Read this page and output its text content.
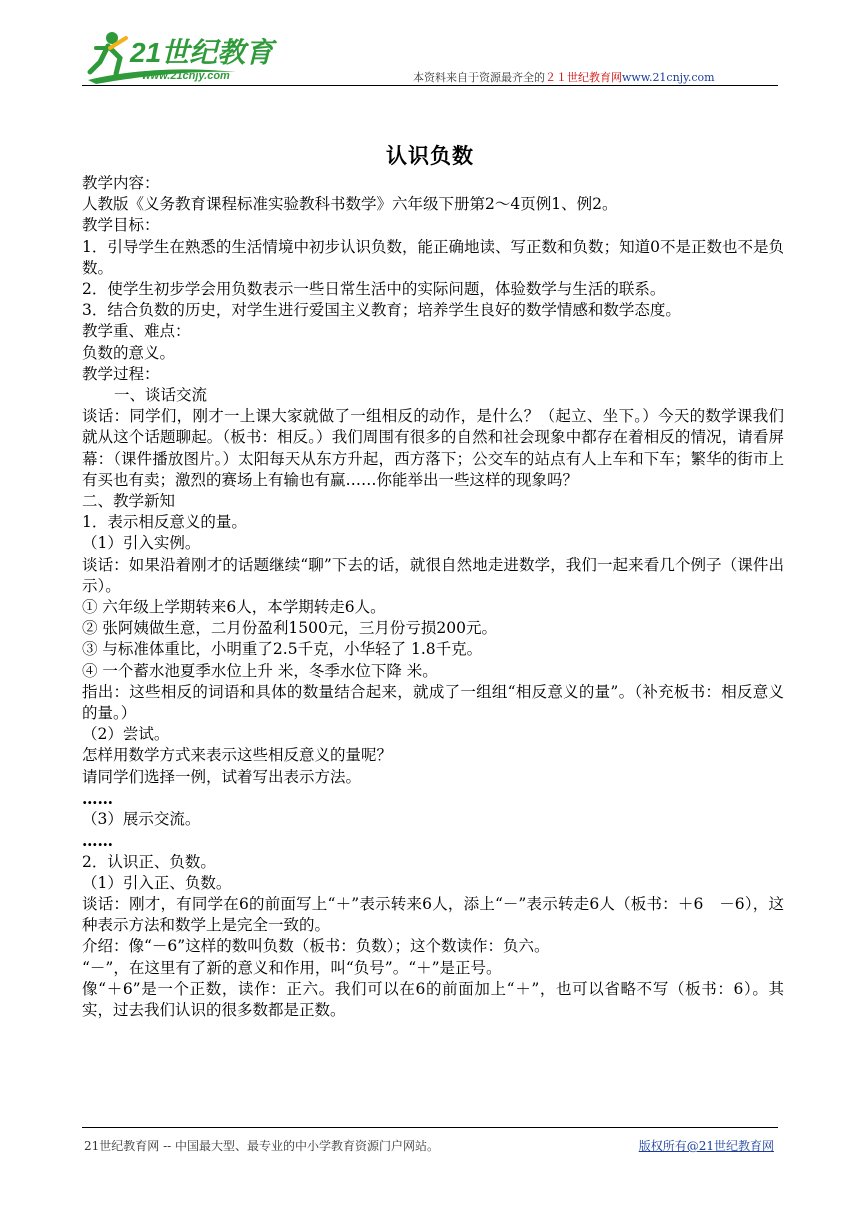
21世纪教育
www.21cnjy.com	本资料来自于资源最齐全的２１世纪教育网www.21cnjy.com
认识负数

教学内容：

人教版《义务教育课程标准实验教科书数学》六年级下册第2～4页例1、例2。

教学目标：

1．引导学生在熟悉的生活情境中初步认识负数，能正确地读、写正数和负数；知道0不是正数也不是负数。

2．使学生初步学会用负数表示一些日常生活中的实际问题，体验数学与生活的联系。

3．结合负数的历史，对学生进行爱国主义教育；培养学生良好的数学情感和数学态度。

教学重、难点：

负数的意义。

教学过程：

一、谈话交流

谈话：同学们，刚才一上课大家就做了一组相反的动作，是什么？（起立、坐下。）今天的数学课我们就从这个话题聊起。（板书：相反。）我们周围有很多的自然和社会现象中都存在着相反的情况，请看屏幕：（课件播放图片。）太阳每天从东方升起，西方落下；公交车的站点有人上车和下车；繁华的街市上有买也有卖；激烈的赛场上有输也有赢……你能举出一些这样的现象吗？

二、教学新知

1．表示相反意义的量。

（1）引入实例。

谈话：如果沿着刚才的话题继续“聊”下去的话，就很自然地走进数学，我们一起来看几个例子（课件出示）。

① 六年级上学期转来6人，本学期转走6人。

② 张阿姨做生意，二月份盈利1500元，三月份亏损200元。

③ 与标准体重比，小明重了2.5千克，小华轻了 1.8千克。

④ 一个蓄水池夏季水位上升 米，冬季水位下降 米。

指出：这些相反的词语和具体的数量结合起来，就成了一组组“相反意义的量”。（补充板书：相反意义的量。）

（2）尝试。

怎样用数学方式来表示这些相反意义的量呢？

请同学们选择一例，试着写出表示方法。

……

（3）展示交流。

……

2．认识正、负数。

（1）引入正、负数。

谈话：刚才，有同学在6的前面写上“＋”表示转来6人，添上“－”表示转走6人（板书：＋6　－6），这种表示方法和数学上是完全一致的。

介绍：像“－6”这样的数叫负数（板书：负数）；这个数读作：负六。

“－”，在这里有了新的意义和作用，叫“负号”。“＋”是正号。

像“＋6”是一个正数，读作：正六。我们可以在6的前面加上“＋”，也可以省略不写（板书：6）。其实，过去我们认识的很多数都是正数。

21世纪教育网 -- 中国最大型、最专业的中小学教育资源门户网站。	版权所有@21世纪教育网
